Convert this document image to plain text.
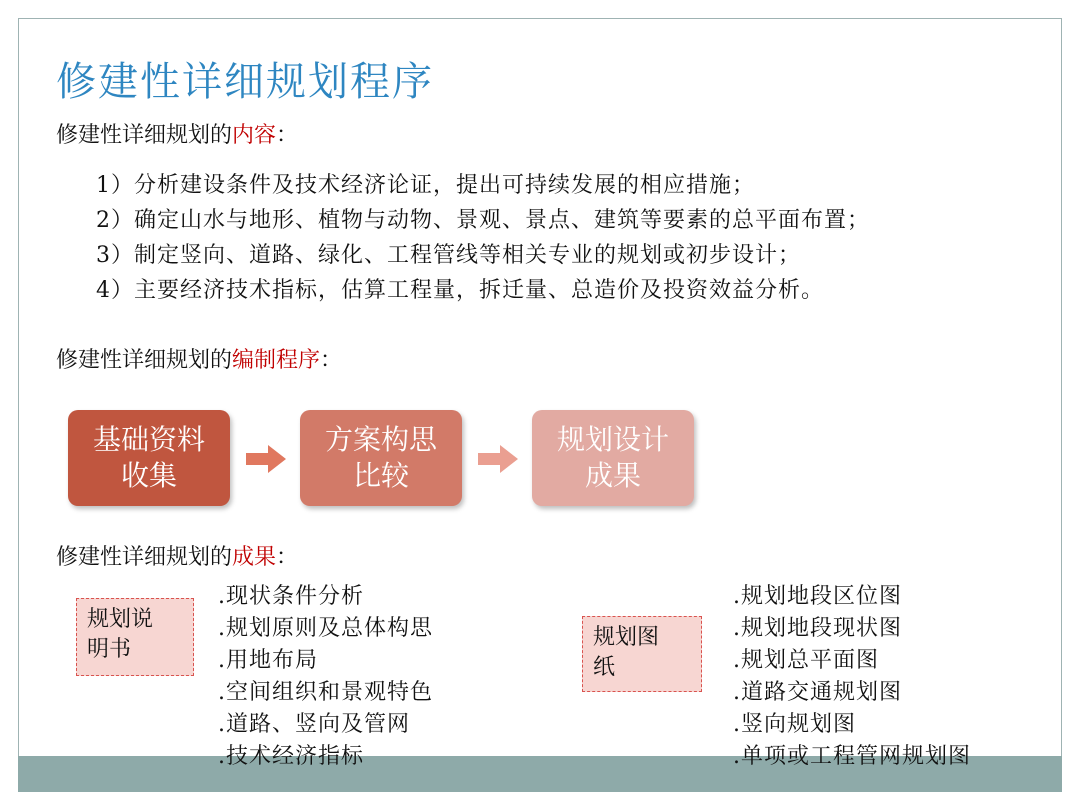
修建性详细规划程序
修建性详细规划的内容：
1）分析建设条件及技术经济论证，提出可持续发展的相应措施；
2）确定山水与地形、植物与动物、景观、景点、建筑等要素的总平面布置；
3）制定竖向、道路、绿化、工程管线等相关专业的规划或初步设计；
4）主要经济技术指标，估算工程量，拆迁量、总造价及投资效益分析。
修建性详细规划的编制程序：
基础资料
收集
方案构思
比较
规划设计
成果
修建性详细规划的成果：
规划说
明书
.现状条件分析
.规划原则及总体构思
.用地布局
.空间组织和景观特色
.道路、竖向及管网
.技术经济指标
规划图
纸
.规划地段区位图
.规划地段现状图
.规划总平面图
.道路交通规划图
.竖向规划图
.单项或工程管网规划图
